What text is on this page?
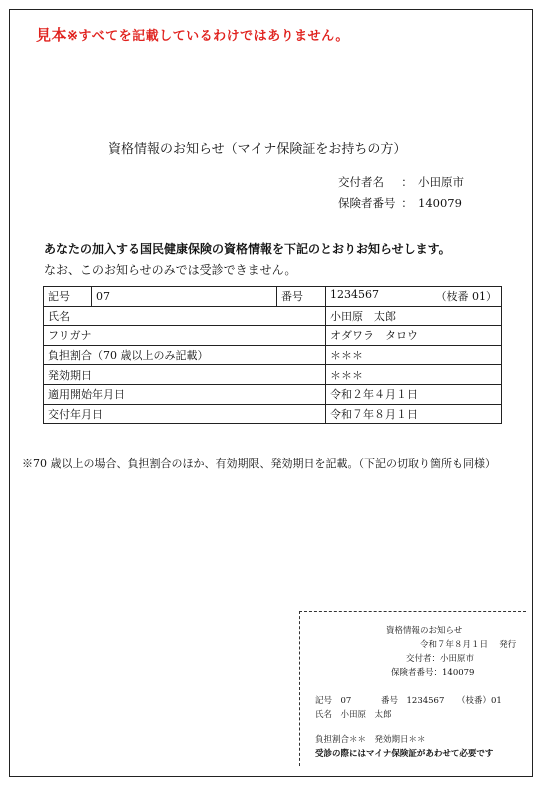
見本※すべてを記載しているわけではありません。
資格情報のお知らせ（マイナ保険証をお持ちの方）
交付者名 ： 小田原市
保険者番号 ： 140079
あなたの加入する国民健康保険の資格情報を下記のとおりお知らせします。
なお、このお知らせのみでは受診できません。
記号	07	番号	1234567 （枝番 01）

氏名			小田原　太郎
フリガナ			オダワラ　タロウ
負担割合（70 歳以上のみ記載）			＊＊＊
発効期日			＊＊＊
適用開始年月日			令和２年４月１日
交付年月日			令和７年８月１日
※70 歳以上の場合、負担割合のほか、有効期限、発効期日を記載。（下記の切取り箇所も同様）
資格情報のお知らせ
令和７年８月１日　 発行
交付者：小田原市
保険者番号：140079
記号　07	番号　1234567 （枝番）01
氏名　小田原　太郎
負担割合＊＊　発効期日＊＊
受診の際にはマイナ保険証があわせて必要です
